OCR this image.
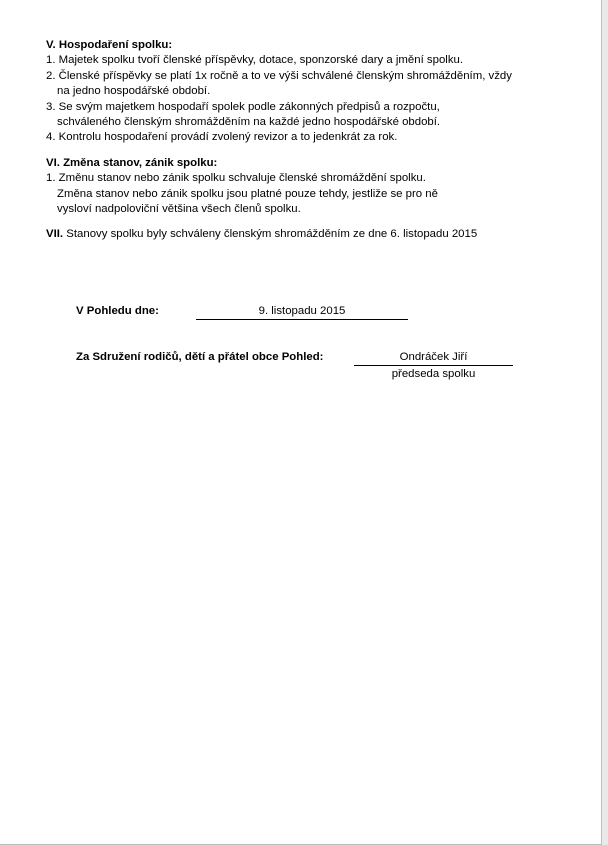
V. Hospodaření spolku:
1. Majetek spolku tvoří členské příspěvky, dotace, sponzorské dary a jmění spolku.
2. Členské příspěvky se platí 1x ročně a to ve výši schválené členským shromážděním, vždy
na jedno hospodářské období.
3. Se svým majetkem hospodaří spolek podle zákonných předpisů a rozpočtu,
schváleného členským shromážděním na každé jedno hospodářské období.
4. Kontrolu hospodaření provádí zvolený revizor a to jedenkrát za rok.
VI. Změna stanov, zánik spolku:
1. Změnu stanov nebo zánik spolku schvaluje členské shromáždění spolku.
Změna stanov nebo zánik spolku jsou platné pouze tehdy, jestliže se pro ně
vysloví nadpoloviční většina všech členů spolku.
VII. Stanovy spolku byly schváleny členským shromážděním ze dne 6. listopadu 2015
V Pohledu dne:	9. listopadu 2015
Za Sdružení rodičů, dětí a přátel obce Pohled:	Ondráček Jiří
předseda spolku
